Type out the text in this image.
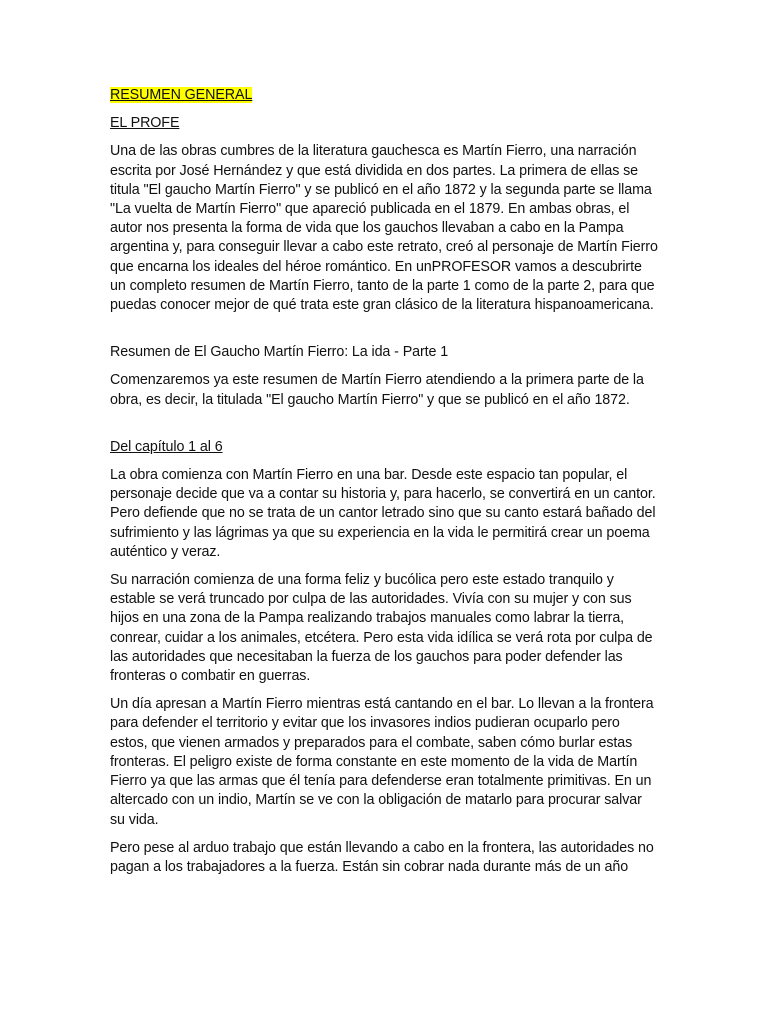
RESUMEN GENERAL

EL PROFE

Una de las obras cumbres de la literatura gauchesca es Martín Fierro, una narración escrita por José Hernández y que está dividida en dos partes. La primera de ellas se titula "El gaucho Martín Fierro" y se publicó en el año 1872 y la segunda parte se llama "La vuelta de Martín Fierro" que apareció publicada en el 1879. En ambas obras, el autor nos presenta la forma de vida que los gauchos llevaban a cabo en la Pampa argentina y, para conseguir llevar a cabo este retrato, creó al personaje de Martín Fierro que encarna los ideales del héroe romántico. En unPROFESOR vamos a descubrirte un completo resumen de Martín Fierro, tanto de la parte 1 como de la parte 2, para que puedas conocer mejor de qué trata este gran clásico de la literatura hispanoamericana.

Resumen de El Gaucho Martín Fierro: La ida - Parte 1

Comenzaremos ya este resumen de Martín Fierro atendiendo a la primera parte de la obra, es decir, la titulada "El gaucho Martín Fierro" y que se publicó en el año 1872.

Del capítulo 1 al 6

La obra comienza con Martín Fierro en una bar. Desde este espacio tan popular, el personaje decide que va a contar su historia y, para hacerlo, se convertirá en un cantor. Pero defiende que no se trata de un cantor letrado sino que su canto estará bañado del sufrimiento y las lágrimas ya que su experiencia en la vida le permitirá crear un poema auténtico y veraz.

Su narración comienza de una forma feliz y bucólica pero este estado tranquilo y estable se verá truncado por culpa de las autoridades. Vivía con su mujer y con sus hijos en una zona de la Pampa realizando trabajos manuales como labrar la tierra, conrear, cuidar a los animales, etcétera. Pero esta vida idílica se verá rota por culpa de las autoridades que necesitaban la fuerza de los gauchos para poder defender las fronteras o combatir en guerras.

Un día apresan a Martín Fierro mientras está cantando en el bar. Lo llevan a la frontera para defender el territorio y evitar que los invasores indios pudieran ocuparlo pero estos, que vienen armados y preparados para el combate, saben cómo burlar estas fronteras. El peligro existe de forma constante en este momento de la vida de Martín Fierro ya que las armas que él tenía para defenderse eran totalmente primitivas. En un altercado con un indio, Martín se ve con la obligación de matarlo para procurar salvar su vida.

Pero pese al arduo trabajo que están llevando a cabo en la frontera, las autoridades no pagan a los trabajadores a la fuerza. Están sin cobrar nada durante más de un año
